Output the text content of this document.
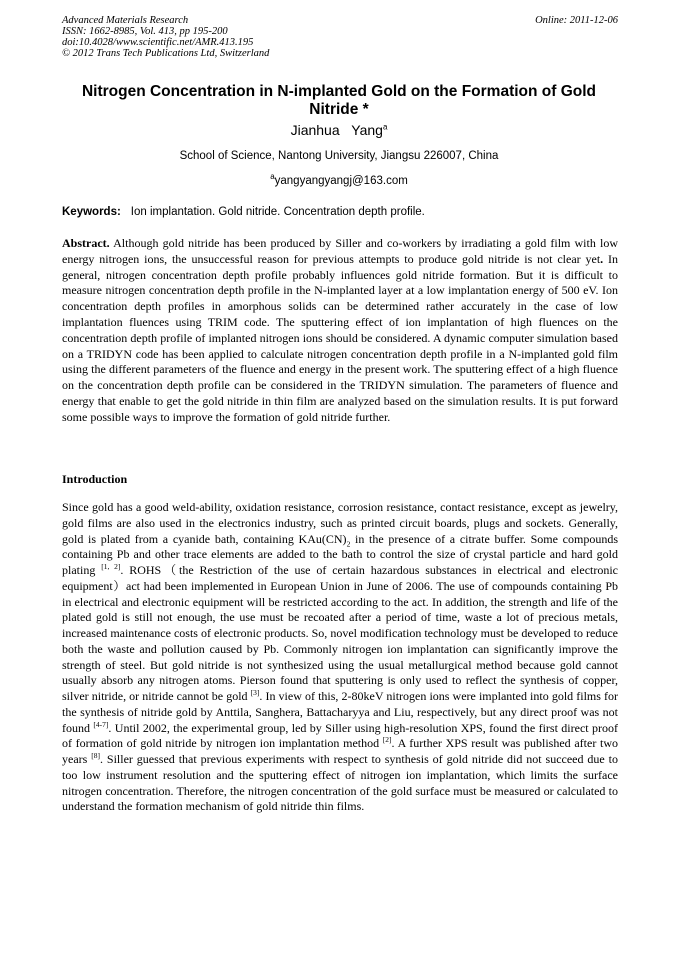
Advanced Materials Research
ISSN: 1662-8985, Vol. 413, pp 195-200
doi:10.4028/www.scientific.net/AMR.413.195
© 2012 Trans Tech Publications Ltd, Switzerland
Online: 2011-12-06
Nitrogen Concentration in N-implanted Gold on the Formation of Gold Nitride *
Jianhua   Yang$^a$
School of Science, Nantong University, Jiangsu 226007, China
$^a$yangyangyangj@163.com
Keywords: Ion implantation. Gold nitride. Concentration depth profile.
Abstract. Although gold nitride has been produced by Siller and co-workers by irradiating a gold film with low energy nitrogen ions, the unsuccessful reason for previous attempts to produce gold nitride is not clear yet. In general, nitrogen concentration depth profile probably influences gold nitride formation. But it is difficult to measure nitrogen concentration depth profile in the N-implanted layer at a low implantation energy of 500 eV. Ion concentration depth profiles in amorphous solids can be determined rather accurately in the case of low implantation fluences using TRIM code. The sputtering effect of ion implantation of high fluences on the concentration depth profile of implanted nitrogen ions should be considered. A dynamic computer simulation based on a TRIDYN code has been applied to calculate nitrogen concentration depth profile in a N-implanted gold film using the different parameters of the fluence and energy in the present work. The sputtering effect of a high fluence on the concentration depth profile can be considered in the TRIDYN simulation. The parameters of fluence and energy that enable to get the gold nitride in thin film are analyzed based on the simulation results. It is put forward some possible ways to improve the formation of gold nitride further.
Introduction
Since gold has a good weld-ability, oxidation resistance, corrosion resistance, contact resistance, except as jewelry, gold films are also used in the electronics industry, such as printed circuit boards, plugs and sockets. Generally, gold is plated from a cyanide bath, containing $KAu(CN)_2$ in the presence of a citrate buffer. Some compounds containing Pb and other trace elements are added to the bath to control the size of crystal particle and hard gold plating [1, 2]. ROHS（the Restriction of the use of certain hazardous substances in electrical and electronic equipment）act had been implemented in European Union in June of 2006. The use of compounds containing Pb in electrical and electronic equipment will be restricted according to the act. In addition, the strength and life of the plated gold is still not enough, the use must be recoated after a period of time, waste a lot of precious metals, increased maintenance costs of electronic products. So, novel modification technology must be developed to reduce both the waste and pollution caused by Pb. Commonly nitrogen ion implantation can significantly improve the strength of steel. But gold nitride is not synthesized using the usual metallurgical method because gold cannot usually absorb any nitrogen atoms. Pierson found that sputtering is only used to reflect the synthesis of copper, silver nitride, or nitride cannot be gold [3]. In view of this, 2-80keV nitrogen ions were implanted into gold films for the synthesis of nitride gold by Anttila, Sanghera, Battacharyya and Liu, respectively, but any direct proof was not found [4-7]. Until 2002, the experimental group, led by Siller using high-resolution XPS, found the first direct proof of formation of gold nitride by nitrogen ion implantation method [2]. A further XPS result was published after two years [8]. Siller guessed that previous experiments with respect to synthesis of gold nitride did not succeed due to too low instrument resolution and the sputtering effect of nitrogen ion implantation, which limits the surface nitrogen concentration. Therefore, the nitrogen concentration of the gold surface must be measured or calculated to understand the formation mechanism of gold nitride thin films.
